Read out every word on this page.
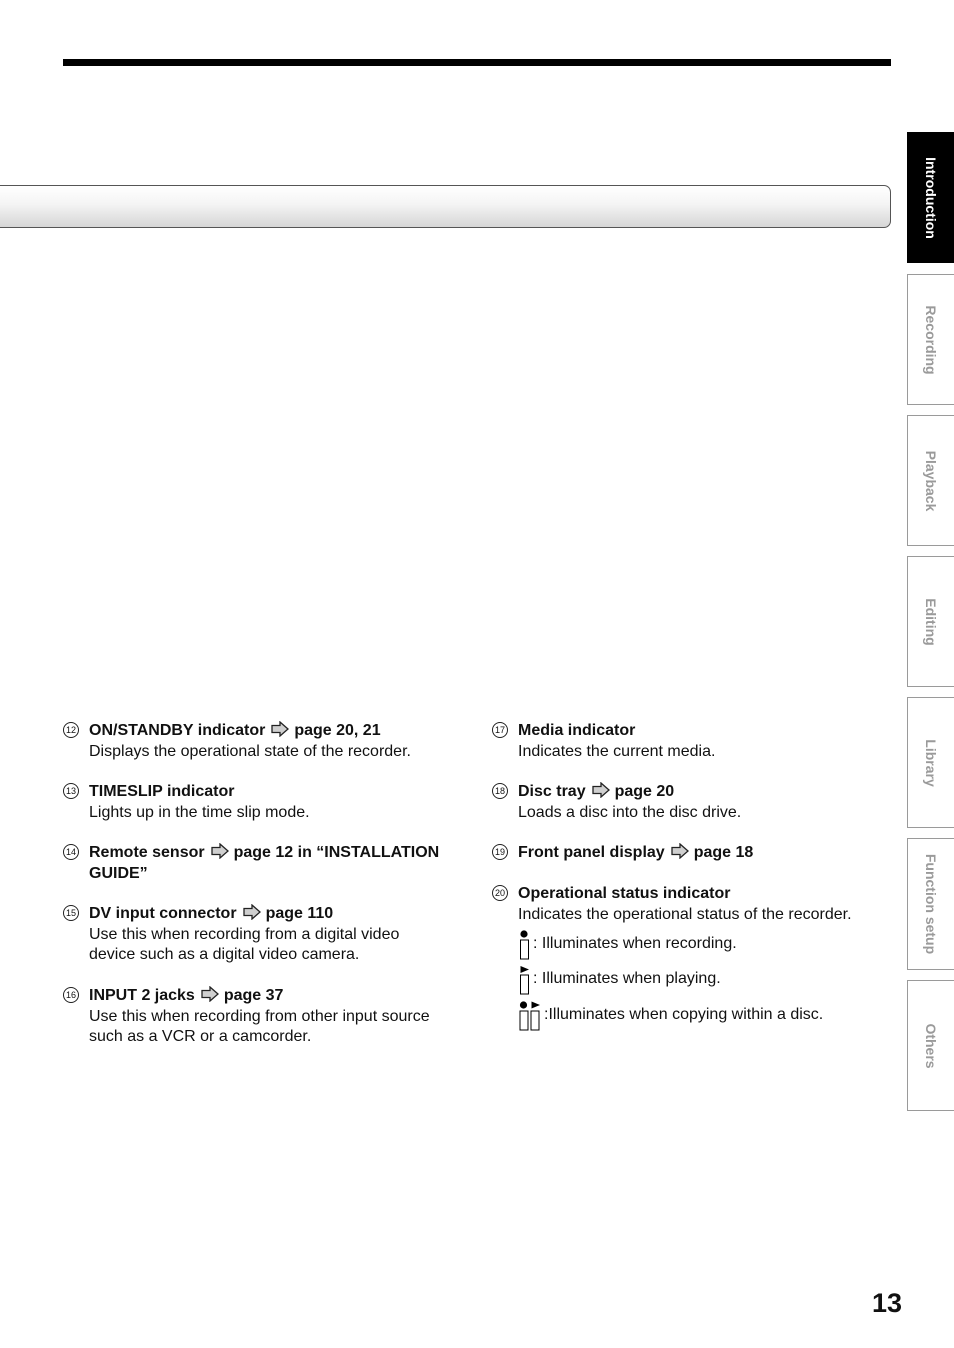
Introduction
Recording
Playback
Editing
Library
Function setup
Others
12 ON/STANDBY indicator page 20, 21
Displays the operational state of the recorder.
13 TIMESLIP indicator
Lights up in the time slip mode.
14 Remote sensor page 12 in “INSTALLATION GUIDE”
15 DV input connector page 110
Use this when recording from a digital video device such as a digital video camera.
16 INPUT 2 jacks page 37
Use this when recording from other input source such as a VCR or a camcorder.
17 Media indicator
Indicates the current media.
18 Disc tray page 20
Loads a disc into the disc drive.
19 Front panel display page 18
20 Operational status indicator
Indicates the operational status of the recorder.
: Illuminates when recording.
: Illuminates when playing.
:Illuminates when copying within a disc.
13
